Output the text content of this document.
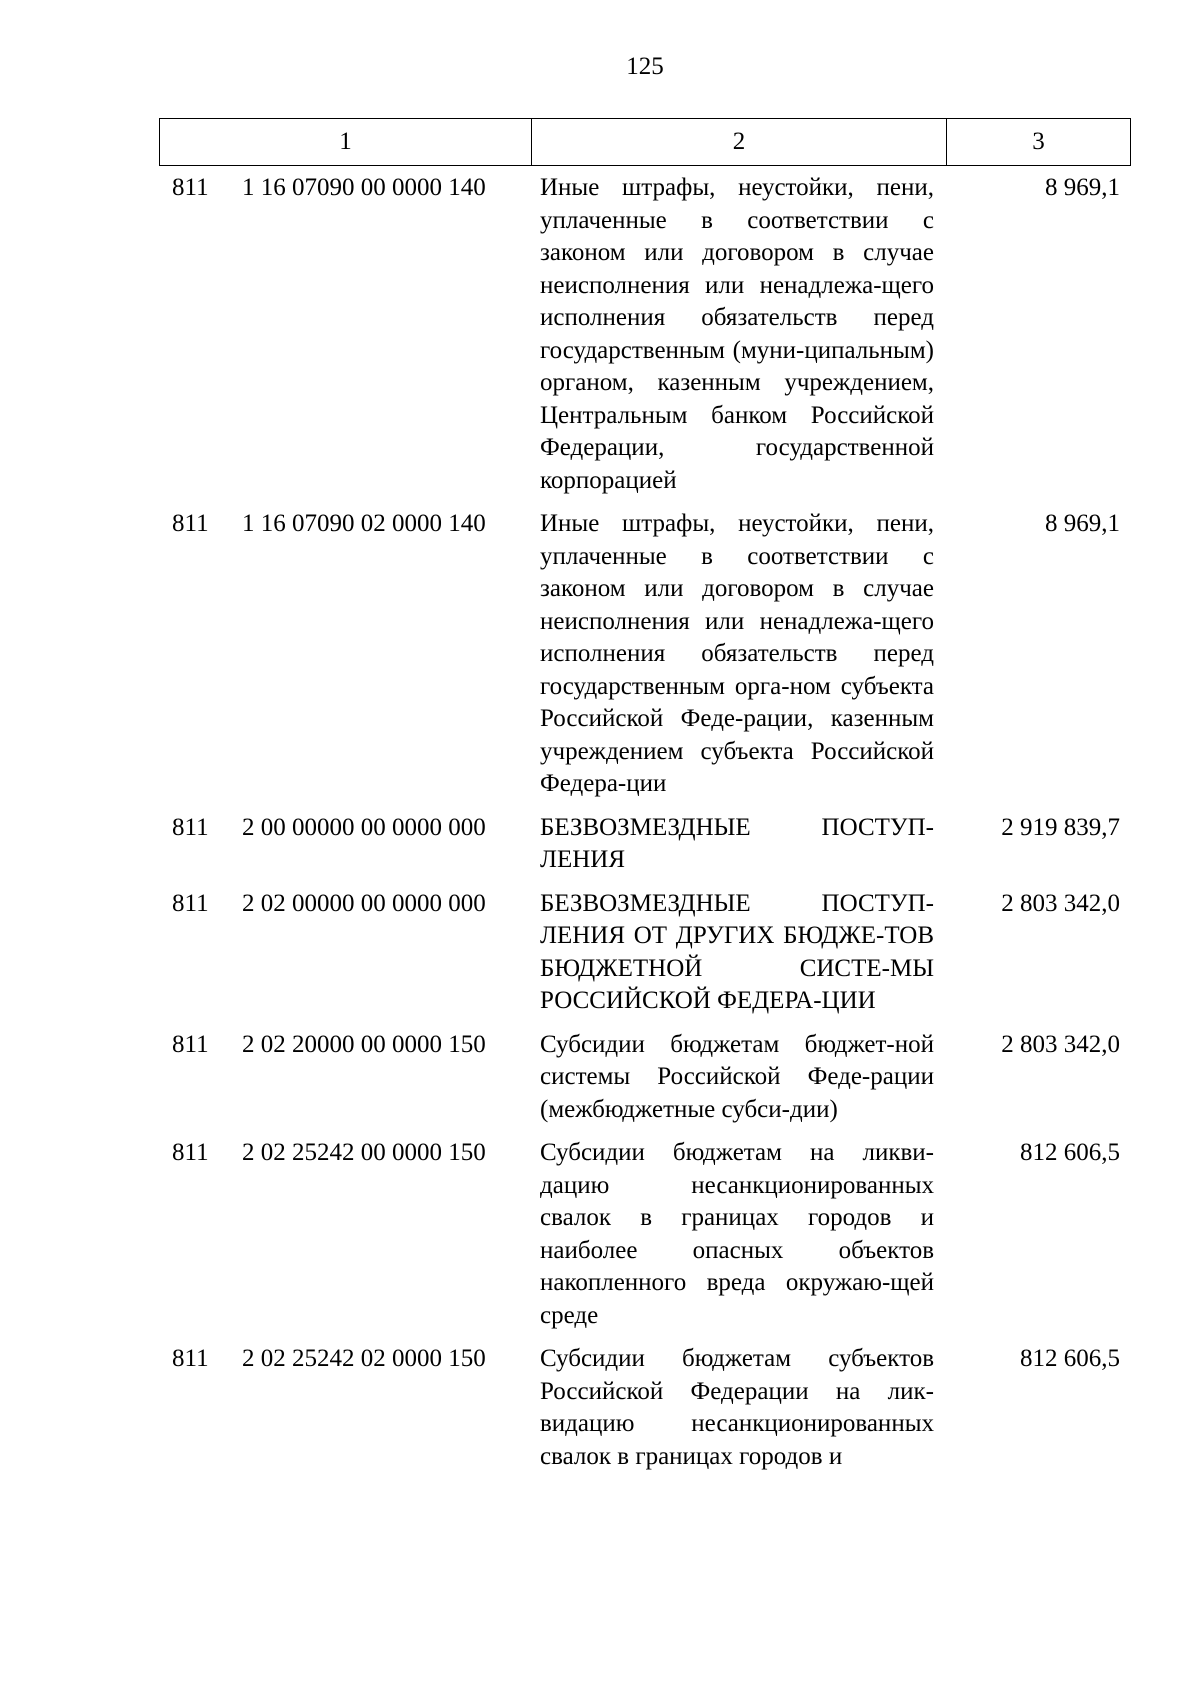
125
1	2	3
811 1 16 07090 00 0000 140 Иные штрафы, неустойки, пени, уплаченные в соответствии с законом или договором в случае неисполнения или ненадлежа-щего исполнения обязательств перед государственным (муни-ципальным) органом, казенным учреждением, Центральным банком Российской Федерации, государственной корпорацией
8 969,1
811 1 16 07090 02 0000 140 Иные штрафы, неустойки, пени, уплаченные в соответствии с законом или договором в случае неисполнения или ненадлежа-щего исполнения обязательств перед государственным орга-ном субъекта Российской Феде-рации, казенным учреждением субъекта Российской Федера-ции
8 969,1
811 2 00 00000 00 0000 000 БЕЗВОЗМЕЗДНЫЕ ПОСТУП-ЛЕНИЯ
2 919 839,7
811 2 02 00000 00 0000 000 БЕЗВОЗМЕЗДНЫЕ ПОСТУП-ЛЕНИЯ ОТ ДРУГИХ БЮДЖЕ-ТОВ БЮДЖЕТНОЙ СИСТЕ-МЫ РОССИЙСКОЙ ФЕДЕРА-ЦИИ
2 803 342,0
811 2 02 20000 00 0000 150 Субсидии бюджетам бюджет-ной системы Российской Феде-рации (межбюджетные субси-дии)
2 803 342,0
811 2 02 25242 00 0000 150 Субсидии бюджетам на ликви-дацию несанкционированных свалок в границах городов и наиболее опасных объектов накопленного вреда окружаю-щей среде
812 606,5
811 2 02 25242 02 0000 150 Субсидии бюджетам субъектов Российской Федерации на лик-видацию несанкционированных свалок в границах городов и
812 606,5
